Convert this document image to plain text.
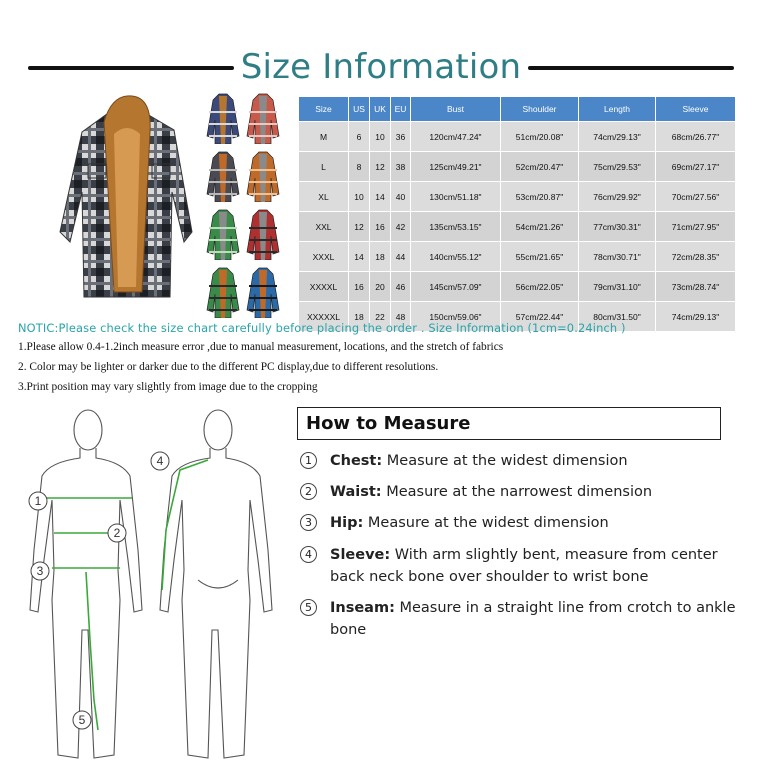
Size Information
Size	US	UK	EU	Bust	Shoulder	Length	Sleeve
M	6	10	36	120cm/47.24"	51cm/20.08"	74cm/29.13"	68cm/26.77"
L	8	12	38	125cm/49.21"	52cm/20.47"	75cm/29.53"	69cm/27.17"
XL	10	14	40	130cm/51.18"	53cm/20.87"	76cm/29.92"	70cm/27.56"
XXL	12	16	42	135cm/53.15"	54cm/21.26"	77cm/30.31"	71cm/27.95"
XXXL	14	18	44	140cm/55.12"	55cm/21.65"	78cm/30.71"	72cm/28.35"
XXXXL	16	20	46	145cm/57.09"	56cm/22.05"	79cm/31.10"	73cm/28.74"
XXXXXL	18	22	48	150cm/59.06"	57cm/22.44"	80cm/31.50"	74cm/29.13"
NOTIC:Please check the size chart carefully before placing the order . Size Information (1cm=0.24inch )
1.Please allow 0.4-1.2inch measure error ,due to manual measurement, locations, and the stretch of fabrics
2. Color may be lighter or darker due to the different PC display,due to different resolutions.
3.Print position may vary slightly from image due to the cropping
1
2
3
4
5
How to Measure
1	Chest: Measure at the widest dimension
2	Waist: Measure at the narrowest dimension
3	Hip: Measure at the widest dimension
4	Sleeve: With arm slightly bent, measure from center back neck bone over shoulder to wrist bone
5	Inseam: Measure in a straight line from crotch to ankle bone
